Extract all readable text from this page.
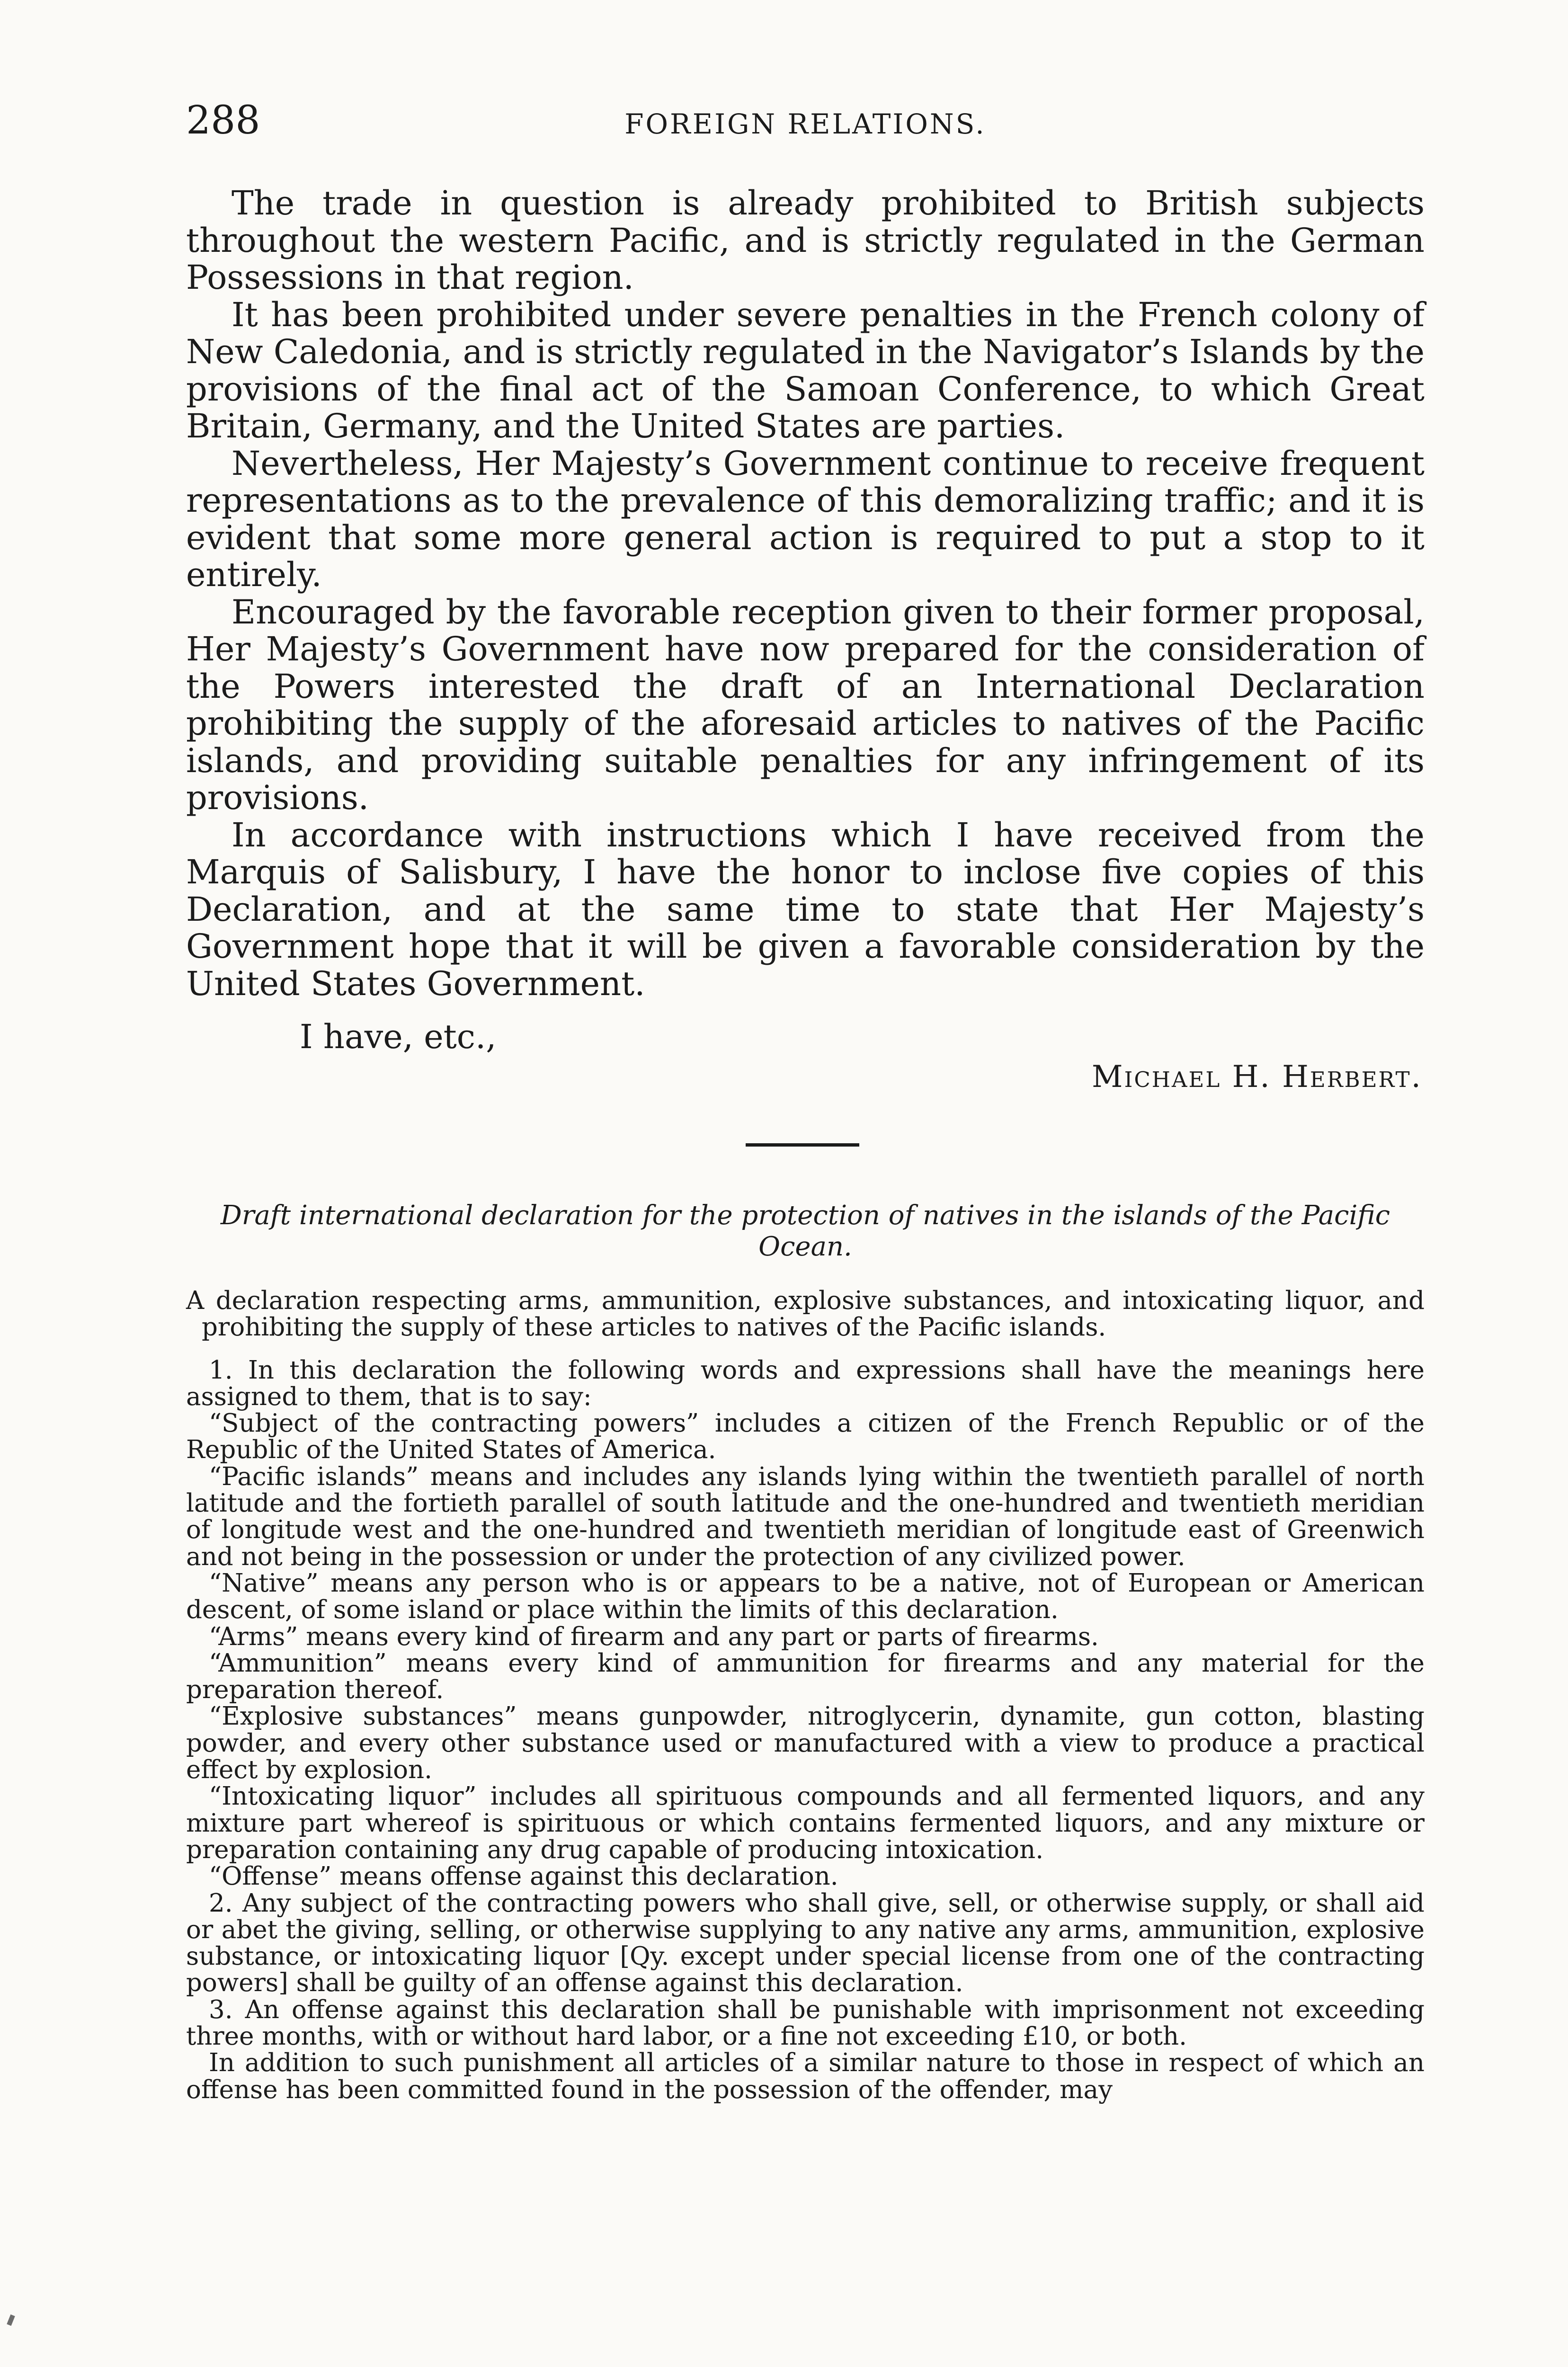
288	FOREIGN RELATIONS.

The trade in question is already prohibited to British subjects throughout the western Pacific, and is strictly regulated in the German Possessions in that region.

It has been prohibited under severe penalties in the French colony of New Caledonia, and is strictly regulated in the Navigator’s Islands by the provisions of the final act of the Samoan Conference, to which Great Britain, Germany, and the United States are parties.

Nevertheless, Her Majesty’s Government continue to receive frequent representations as to the prevalence of this demoralizing traffic; and it is evident that some more general action is required to put a stop to it entirely.

Encouraged by the favorable reception given to their former proposal, Her Majesty’s Government have now prepared for the consideration of the Powers interested the draft of an International Declaration prohibiting the supply of the aforesaid articles to natives of the Pacific islands, and providing suitable penalties for any infringement of its provisions.

In accordance with instructions which I have received from the Marquis of Salisbury, I have the honor to inclose five copies of this Declaration, and at the same time to state that Her Majesty’s Government hope that it will be given a favorable consideration by the United States Government.

I have, etc.,
Michael H. Herbert.
Draft international declaration for the protection of natives in the islands of the Pacific Ocean.

A declaration respecting arms, ammunition, explosive substances, and intoxicating liquor, and prohibiting the supply of these articles to natives of the Pacific islands.

1. In this declaration the following words and expressions shall have the meanings here assigned to them, that is to say:

“Subject of the contracting powers” includes a citizen of the French Republic or of the Republic of the United States of America.

“Pacific islands” means and includes any islands lying within the twentieth parallel of north latitude and the fortieth parallel of south latitude and the one-hundred and twentieth meridian of longitude west and the one-hundred and twentieth meridian of longitude east of Greenwich and not being in the possession or under the protection of any civilized power.

“Native” means any person who is or appears to be a native, not of European or American descent, of some island or place within the limits of this declaration.

“Arms” means every kind of firearm and any part or parts of firearms.

“Ammunition” means every kind of ammunition for firearms and any material for the preparation thereof.

“Explosive substances” means gunpowder, nitroglycerin, dynamite, gun cotton, blasting powder, and every other substance used or manufactured with a view to produce a practical effect by explosion.

“Intoxicating liquor” includes all spirituous compounds and all fermented liquors, and any mixture part whereof is spirituous or which contains fermented liquors, and any mixture or preparation containing any drug capable of producing intoxication.

“Offense” means offense against this declaration.

2. Any subject of the contracting powers who shall give, sell, or otherwise supply, or shall aid or abet the giving, selling, or otherwise supplying to any native any arms, ammunition, explosive substance, or intoxicating liquor [Qy. except under special license from one of the contracting powers] shall be guilty of an offense against this declaration.

3. An offense against this declaration shall be punishable with imprisonment not exceeding three months, with or without hard labor, or a fine not exceeding £10, or both.

In addition to such punishment all articles of a similar nature to those in respect of which an offense has been committed found in the possession of the offender, may
